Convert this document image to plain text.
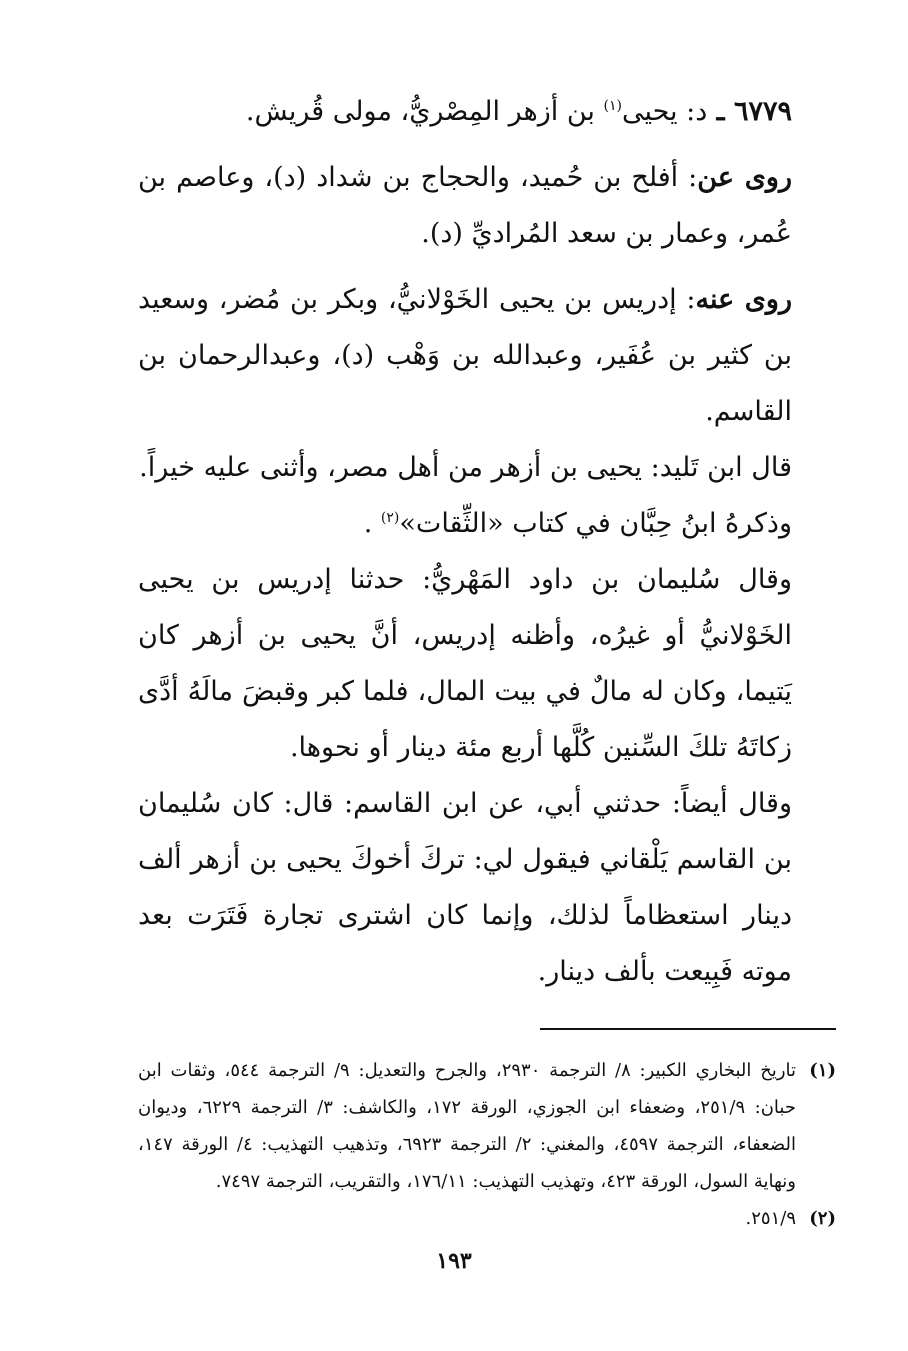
٦٧٧٩ ـ د: يحيى$^{(١)}$ بن أزهر المِصْريُّ، مولى قُريش.

روى عن: أفلح بن حُميد، والحجاج بن شداد (د)، وعاصم بن عُمر، وعمار بن سعد المُراديِّ (د).

روى عنه: إدريس بن يحيى الخَوْلانيُّ، وبكر بن مُضر، وسعيد بن كثير بن عُفَير، وعبدالله بن وَهْب (د)، وعبدالرحمان بن القاسم.

قال ابن تَليد: يحيى بن أزهر من أهل مصر، وأثنى عليه خيراً.

وذكرهُ ابنُ حِبَّان في كتاب «الثِّقات»$^{(٢)}$ .

وقال سُليمان بن داود المَهْريُّ: حدثنا إدريس بن يحيى الخَوْلانيُّ أو غيرُه، وأظنه إدريس، أنَّ يحيى بن أزهر كان يَتيما، وكان له مالٌ في بيت المال، فلما كبر وقبضَ مالَهُ أدَّى زكاتَهُ تلكَ السِّنين كُلَّها أربع مئة دينار أو نحوها.

وقال أيضاً: حدثني أبي، عن ابن القاسم: قال: كان سُليمان بن القاسم يَلْقاني فيقول لي: تركَ أخوكَ يحيى بن أزهر ألف دينار استعظاماً لذلك، وإنما كان اشترى تجارة فَتَرَت بعد موته فَبِيعت بألف دينار.

(١)
تاريخ البخاري الكبير: ٨/ الترجمة ٢٩٣٠، والجرح والتعديل: ٩/ الترجمة ٥٤٤، وثقات ابن حبان: ٢٥١/٩، وضعفاء ابن الجوزي، الورقة ١٧٢، والكاشف: ٣/ الترجمة ٦٢٢٩، وديوان الضعفاء، الترجمة ٤٥٩٧، والمغني: ٢/ الترجمة ٦٩٢٣، وتذهيب التهذيب: ٤/ الورقة ١٤٧، ونهاية السول، الورقة ٤٢٣، وتهذيب التهذيب: ١٧٦/١١، والتقريب، الترجمة ٧٤٩٧.
(٢)
٢٥١/٩.
١٩٣
